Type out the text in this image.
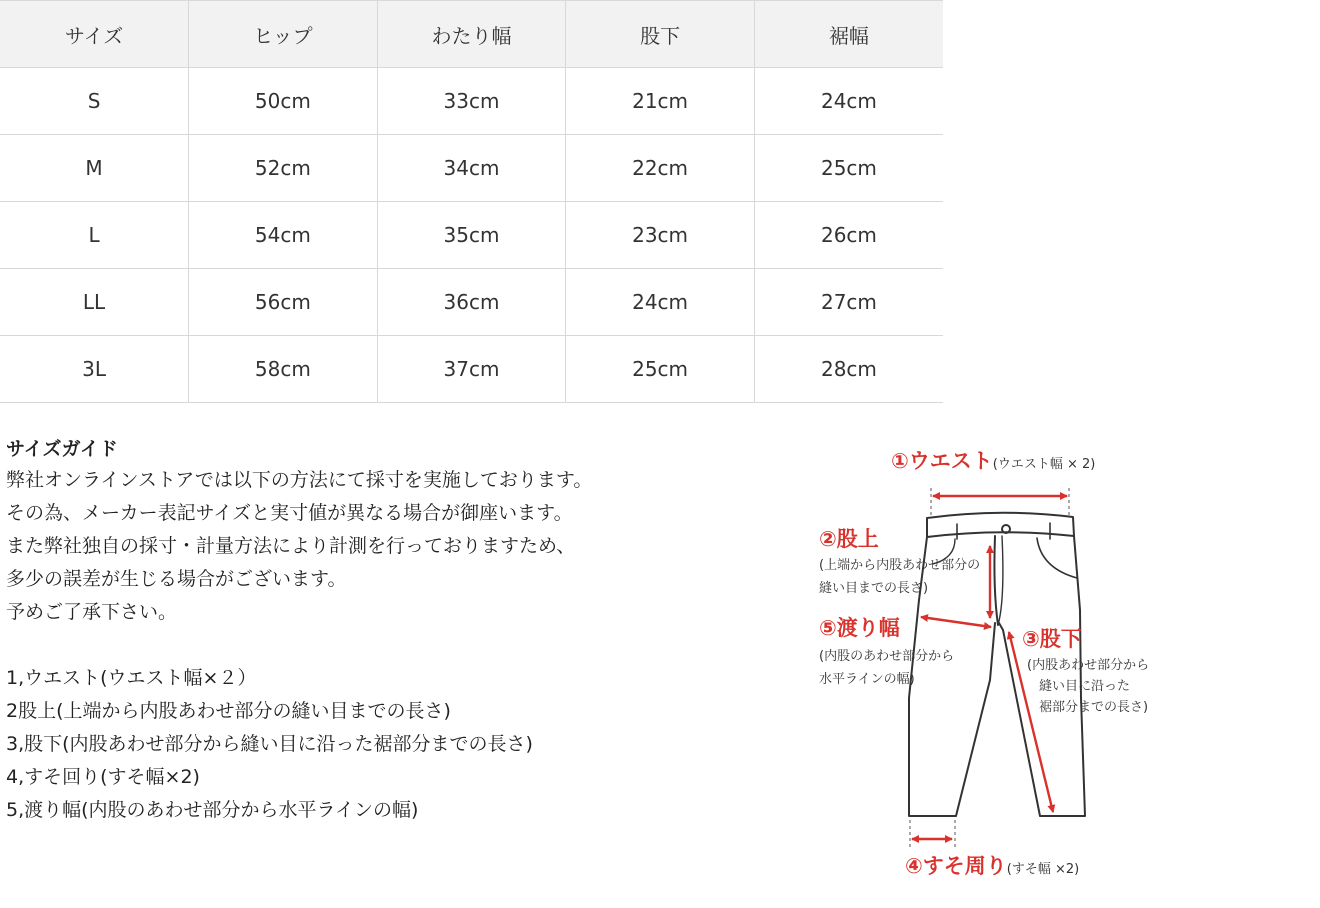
サイズ	ヒップ	わたり幅	股下	裾幅
S	50cm	33cm	21cm	24cm
M	52cm	34cm	22cm	25cm
L	54cm	35cm	23cm	26cm
LL	56cm	36cm	24cm	27cm
3L	58cm	37cm	25cm	28cm
サイズガイド
弊社オンラインストアでは以下の方法にて採寸を実施しております。
その為、メーカー表記サイズと実寸値が異なる場合が御座います。
また弊社独自の採寸・計量方法により計測を行っておりますため、
多少の誤差が生じる場合がございます。
予めご了承下さい。
1,ウエスト(ウエスト幅×２）
2股上(上端から内股あわせ部分の縫い目までの長さ)
3,股下(内股あわせ部分から縫い目に沿った裾部分までの長さ)
4,すそ回り(すそ幅×2)
5,渡り幅(内股のあわせ部分から水平ラインの幅)
①ウエスト(ウエスト幅 × 2)
②股上
(上端から内股あわせ部分の
縫い目までの長さ)
⑤渡り幅
(内股のあわせ部分から
水平ラインの幅)
③股下
(内股あわせ部分から
縫い目に沿った
裾部分までの長さ)
④すそ周り(すそ幅 ×2)
